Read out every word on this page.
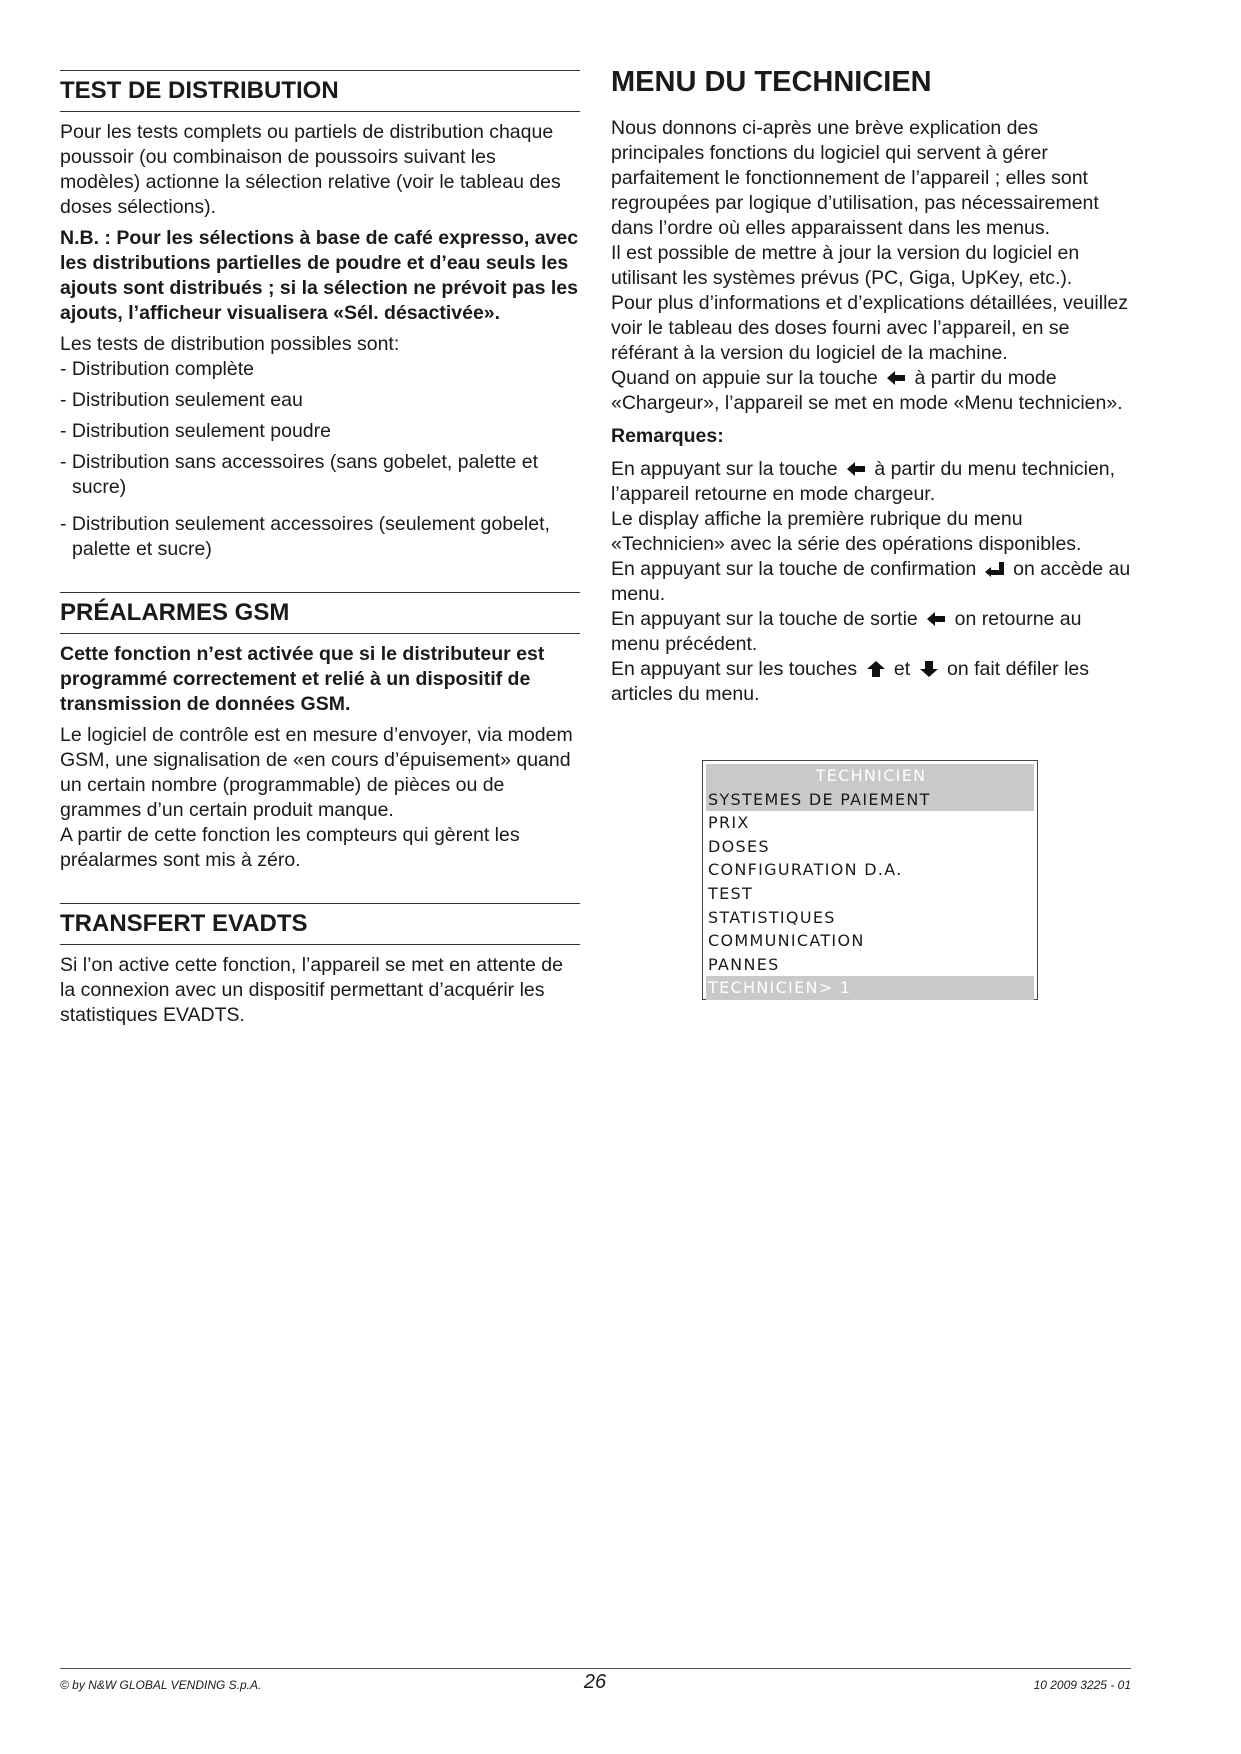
TEST DE DISTRIBUTION

Pour les tests complets ou partiels de distribution chaque poussoir (ou combinaison de poussoirs suivant les modèles) actionne la sélection relative (voir le tableau des doses sélections).

N.B. : Pour les sélections à base de café expresso, avec les distributions partielles de poudre et d’eau seuls les ajouts sont distribués ; si la sélection ne prévoit pas les ajouts, l’afficheur visualisera «Sél. désactivée».

Les tests de distribution possibles sont:

- Distribution complète
- Distribution seulement eau
- Distribution seulement poudre
- Distribution sans accessoires (sans gobelet, palette et sucre)
- Distribution seulement accessoires (seulement gobelet, palette et sucre)
PRÉALARMES GSM

Cette fonction n’est activée que si le distributeur est programmé correctement et relié à un dispositif de transmission de données GSM.

Le logiciel de contrôle est en mesure d’envoyer, via modem GSM, une signalisation de «en cours d’épuisement» quand un certain nombre (programmable) de pièces ou de grammes d’un certain produit manque.

A partir de cette fonction les compteurs qui gèrent les préalarmes sont mis à zéro.

TRANSFERT EVADTS

Si l’on active cette fonction, l’appareil se met en attente de la connexion avec un dispositif permettant d’acquérir les statistiques EVADTS.

MENU DU TECHNICIEN

Nous donnons ci-après une brève explication des principales fonctions du logiciel qui servent à gérer parfaitement le fonctionnement de l’appareil ; elles sont regroupées par logique d’utilisation, pas nécessairement dans l’ordre où elles apparaissent dans les menus.

Il est possible de mettre à jour la version du logiciel en utilisant les systèmes prévus (PC, Giga, UpKey, etc.).

Pour plus d’informations et d’explications détaillées, veuillez voir le tableau des doses fourni avec l’appareil, en se référant à la version du logiciel de la machine.

Quand on appuie sur la touche à partir du mode «Chargeur», l’appareil se met en mode «Menu technicien».

Remarques:

En appuyant sur la touche à partir du menu technicien, l’appareil retourne en mode chargeur.

Le display affiche la première rubrique du menu «Technicien» avec la série des opérations disponibles.

En appuyant sur la touche de confirmation on accède au menu.

En appuyant sur la touche de sortie on retourne au menu précédent.

En appuyant sur les touches et on fait défiler les articles du menu.

TECHNICIEN
SYSTEMES DE PAIEMENT
PRIX
DOSES
CONFIGURATION D.A.
TEST
STATISTIQUES
COMMUNICATION
PANNES
TECHNICIEN> 1
© by N&W GLOBAL VENDING S.p.A.	26	10 2009 3225 - 01
